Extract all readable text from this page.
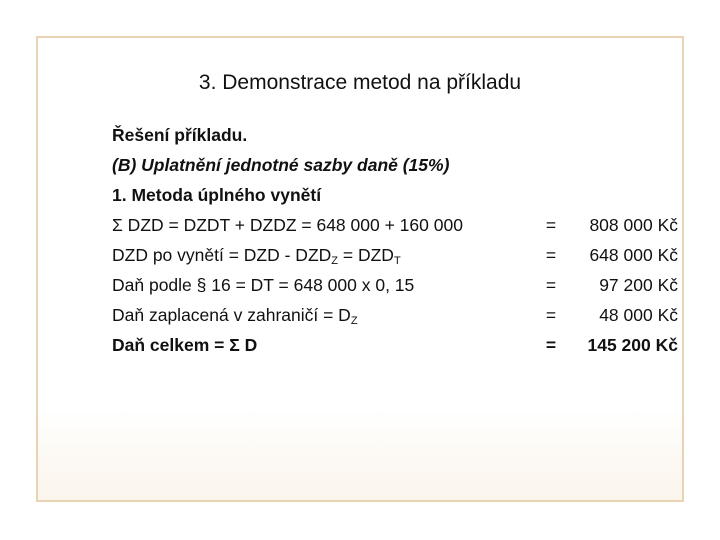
3. Demonstrace metod na příkladu
Řešení příkladu.
(B) Uplatnění jednotné sazby daně (15%)
1. Metoda úplného vynětí
Σ DZD = DZDT + DZDZ = 648 000 + 160 000	=	808 000 Kč
DZD po vynětí = DZD - $DZD_Z = DZD_T$	=	648 000 Kč
Daň podle § 16 = DT = 648 000 x 0, 15	=	97 200 Kč
Daň zaplacená v zahraničí = $D_Z$	=	48 000 Kč
Daň celkem = Σ D	=	145 200 Kč
